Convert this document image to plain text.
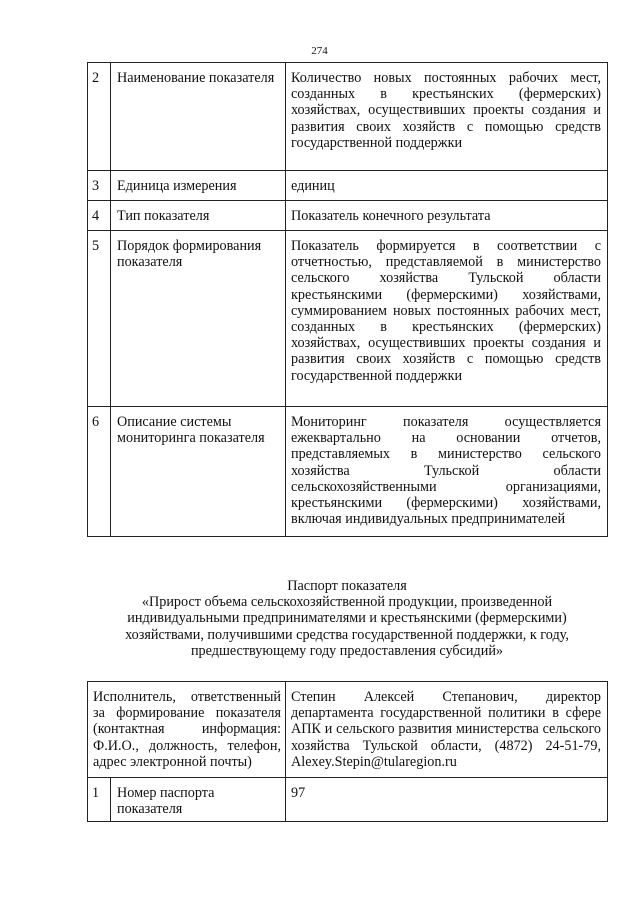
274
2	Наименование показателя	Количество новых постоянных рабочих мест, созданных в крестьянских (фермерских) хозяйствах, осуществивших проекты создания и развития своих хозяйств с помощью средств государственной поддержки
3	Единица измерения	единиц
4	Тип показателя	Показатель конечного результата
5	Порядок формирования показателя	Показатель формируется в соответствии с отчетностью, представляемой в министерство сельского хозяйства Тульской области крестьянскими (фермерскими) хозяйствами, суммированием новых постоянных рабочих мест, созданных в крестьянских (фермерских) хозяйствах, осуществивших проекты создания и развития своих хозяйств с помощью средств государственной поддержки
6	Описание системы мониторинга показателя	Мониторинг показателя осуществляется ежеквартально на основании отчетов, представляемых в министерство сельского хозяйства Тульской области сельскохозяйственными организациями, крестьянскими (фермерскими) хозяйствами, включая индивидуальных предпринимателей
Паспорт показателя
«Прирост объема сельскохозяйственной продукции, произведенной
индивидуальными предпринимателями и крестьянскими (фермерскими)
хозяйствами, получившими средства государственной поддержки, к году,
предшествующему году предоставления субсидий»
Исполнитель, ответственный за формирование показателя (контактная информация: Ф.И.О., должность, телефон, адрес электронной почты)		Степин Алексей Степанович, директор департамента государственной политики в сфере АПК и сельского развития министерства сельского хозяйства Тульской области, (4872) 24-51-79, Alexey.Stepin@tularegion.ru
1	Номер паспорта показателя	97
